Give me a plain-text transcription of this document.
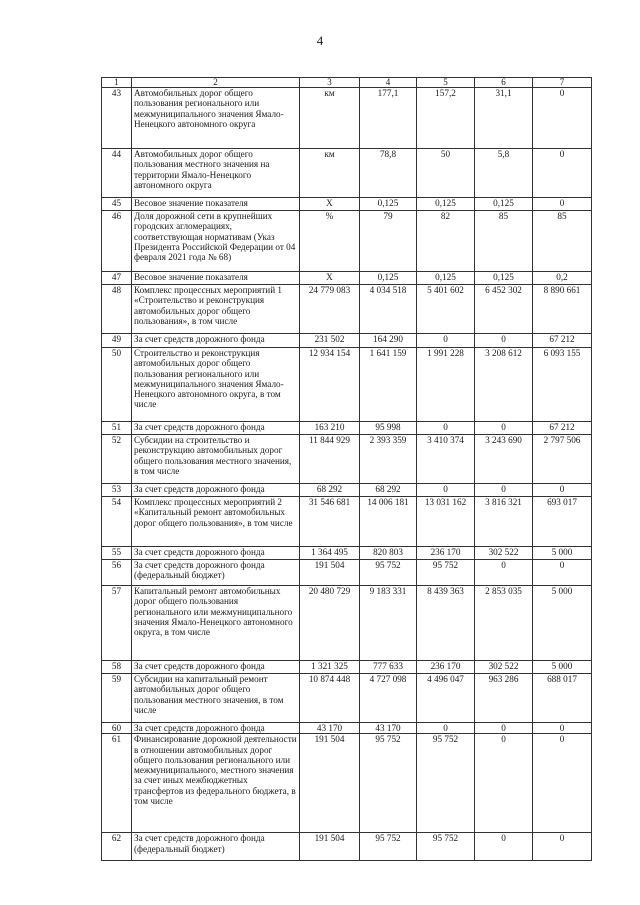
4
1	2	3	4	5	6	7
43	Автомобильных дорог общего пользования регионального или межмуниципального значения Ямало-Ненецкого автономного округа	км	177,1	157,2	31,1	0
44	Автомобильных дорог общего пользования местного значения на территории Ямало-Ненецкого автономного округа	км	78,8	50	5,8	0
45	Весовое значение показателя	Х	0,125	0,125	0,125	0
46	Доля дорожной сети в крупнейших городских агломерациях, соответствующая нормативам (Указ Президента Российской Федерации от 04 февраля 2021 года № 68)	%	79	82	85	85
47	Весовое значение показателя	Х	0,125	0,125	0,125	0,2
48	Комплекс процессных мероприятий 1 «Строительство и реконструкция автомобильных дорог общего пользования», в том числе	24 779 083	4 034 518	5 401 602	6 452 302	8 890 661
49	За счет средств дорожного фонда	231 502	164 290	0	0	67 212
50	Строительство и реконструкция автомобильных дорог общего пользования регионального или межмуниципального значения Ямало-Ненецкого автономного округа, в том числе	12 934 154	1 641 159	1 991 228	3 208 612	6 093 155
51	За счет средств дорожного фонда	163 210	95 998	0	0	67 212
52	Субсидии на строительство и реконструкцию автомобильных дорог общего пользования местного значения, в том числе	11 844 929	2 393 359	3 410 374	3 243 690	2 797 506
53	За счет средств дорожного фонда	68 292	68 292	0	0	0
54	Комплекс процессных мероприятий 2 «Капитальный ремонт автомобильных дорог общего пользования», в том числе	31 546 681	14 006 181	13 031 162	3 816 321	693 017
55	За счет средств дорожного фонда	1 364 495	820 803	236 170	302 522	5 000
56	За счет средств дорожного фонда (федеральный бюджет)	191 504	95 752	95 752	0	0
57	Капитальный ремонт автомобильных дорог общего пользования регионального или межмуниципального значения Ямало-Ненецкого автономного округа, в том числе	20 480 729	9 183 331	8 439 363	2 853 035	5 000
58	За счет средств дорожного фонда	1 321 325	777 633	236 170	302 522	5 000
59	Субсидии на капитальный ремонт автомобильных дорог общего пользования местного значения, в том числе	10 874 448	4 727 098	4 496 047	963 286	688 017
60	За счет средств дорожного фонда	43 170	43 170	0	0	0
61	Финансирование дорожной деятельности в отношении автомобильных дорог общего пользования регионального или межмуниципального, местного значения за счет иных межбюджетных трансфертов из федерального бюджета, в том числе	191 504	95 752	95 752	0	0
62	За счет средств дорожного фонда (федеральный бюджет)	191 504	95 752	95 752	0	0
